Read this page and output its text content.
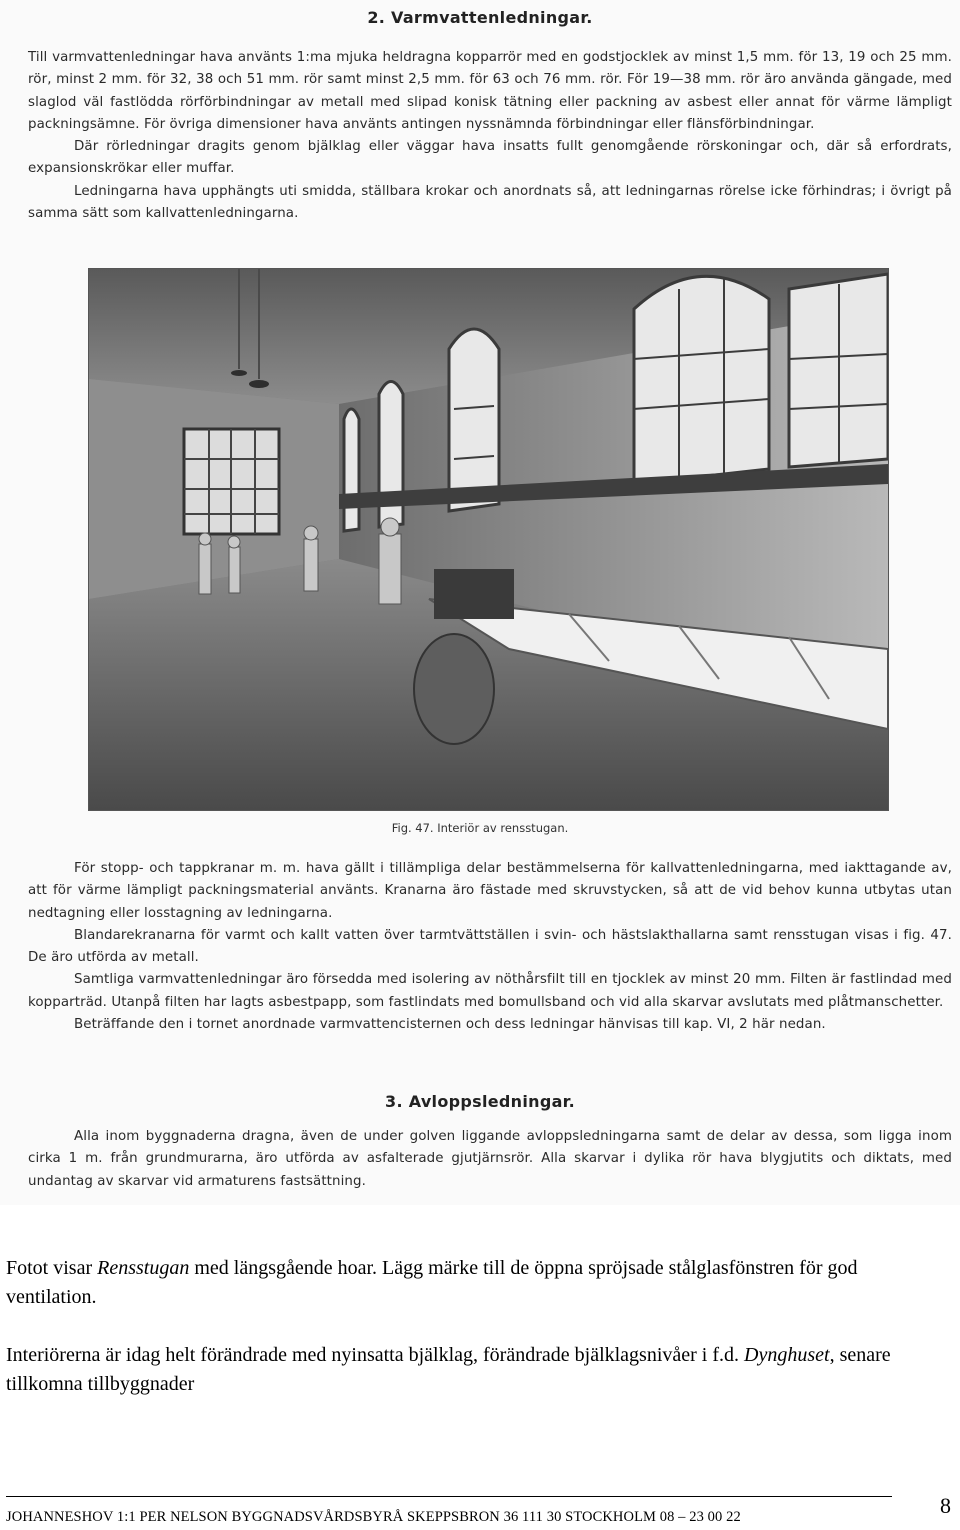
2. Varmvattenledningar.

Till varmvattenledningar hava använts 1:ma mjuka heldragna kopparrör med en godstjocklek av minst 1,5 mm. för 13, 19 och 25 mm. rör, minst 2 mm. för 32, 38 och 51 mm. rör samt minst 2,5 mm. för 63 och 76 mm. rör. För 19—38 mm. rör äro använda gängade, med slaglod väl fastlödda rörförbindningar av metall med slipad konisk tätning eller packning av asbest eller annat för värme lämpligt packningsämne. För övriga dimensioner hava använts antingen nyssnämnda förbindningar eller flänsförbindningar.

Där rörledningar dragits genom bjälklag eller väggar hava insatts fullt genomgående rörskoningar och, där så erfordrats, expansionskrökar eller muffar.

Ledningarna hava upphängts uti smidda, ställbara krokar och anordnats så, att ledningarnas rörelse icke förhindras; i övrigt på samma sätt som kallvattenledningarna.

Fig. 47. Interiör av rensstugan.

För stopp- och tappkranar m. m. hava gällt i tillämpliga delar bestämmelserna för kallvattenledningarna, med iakttagande av, att för värme lämpligt packningsmaterial använts. Kranarna äro fästade med skruvstycken, så att de vid behov kunna utbytas utan nedtagning eller losstagning av ledningarna.

Blandarekranarna för varmt och kallt vatten över tarmtvättställen i svin- och hästslakthallarna samt rensstugan visas i fig. 47. De äro utförda av metall.

Samtliga varmvattenledningar äro försedda med isolering av nöthårsfilt till en tjocklek av minst 20 mm. Filten är fastlindad med kopparträd. Utanpå filten har lagts asbestpapp, som fastlindats med bomullsband och vid alla skarvar avslutats med plåtmanschetter.

Beträffande den i tornet anordnade varmvattencisternen och dess ledningar hänvisas till kap. VI, 2 här nedan.

3. Avloppsledningar.

Alla inom byggnaderna dragna, även de under golven liggande avloppsledningarna samt de delar av dessa, som ligga inom cirka 1 m. från grundmurarna, äro utförda av asfalterade gjutjärnsrör. Alla skarvar i dylika rör hava blygjutits och diktats, med undantag av skarvar vid armaturens fastsättning.

Fotot visar Rensstugan med längsgående hoar. Lägg märke till de öppna spröjsade stålglasfönstren för god ventilation.

Interiörerna är idag helt förändrade med nyinsatta bjälklag, förändrade bjälklagsnivåer i f.d. Dynghuset, senare tillkomna tillbyggnader

JOHANNESHOV 1:1 PER NELSON BYGGNADSVÅRDSBYRÅ SKEPPSBRON 36 111 30 STOCKHOLM 08 – 23 00 22	8
